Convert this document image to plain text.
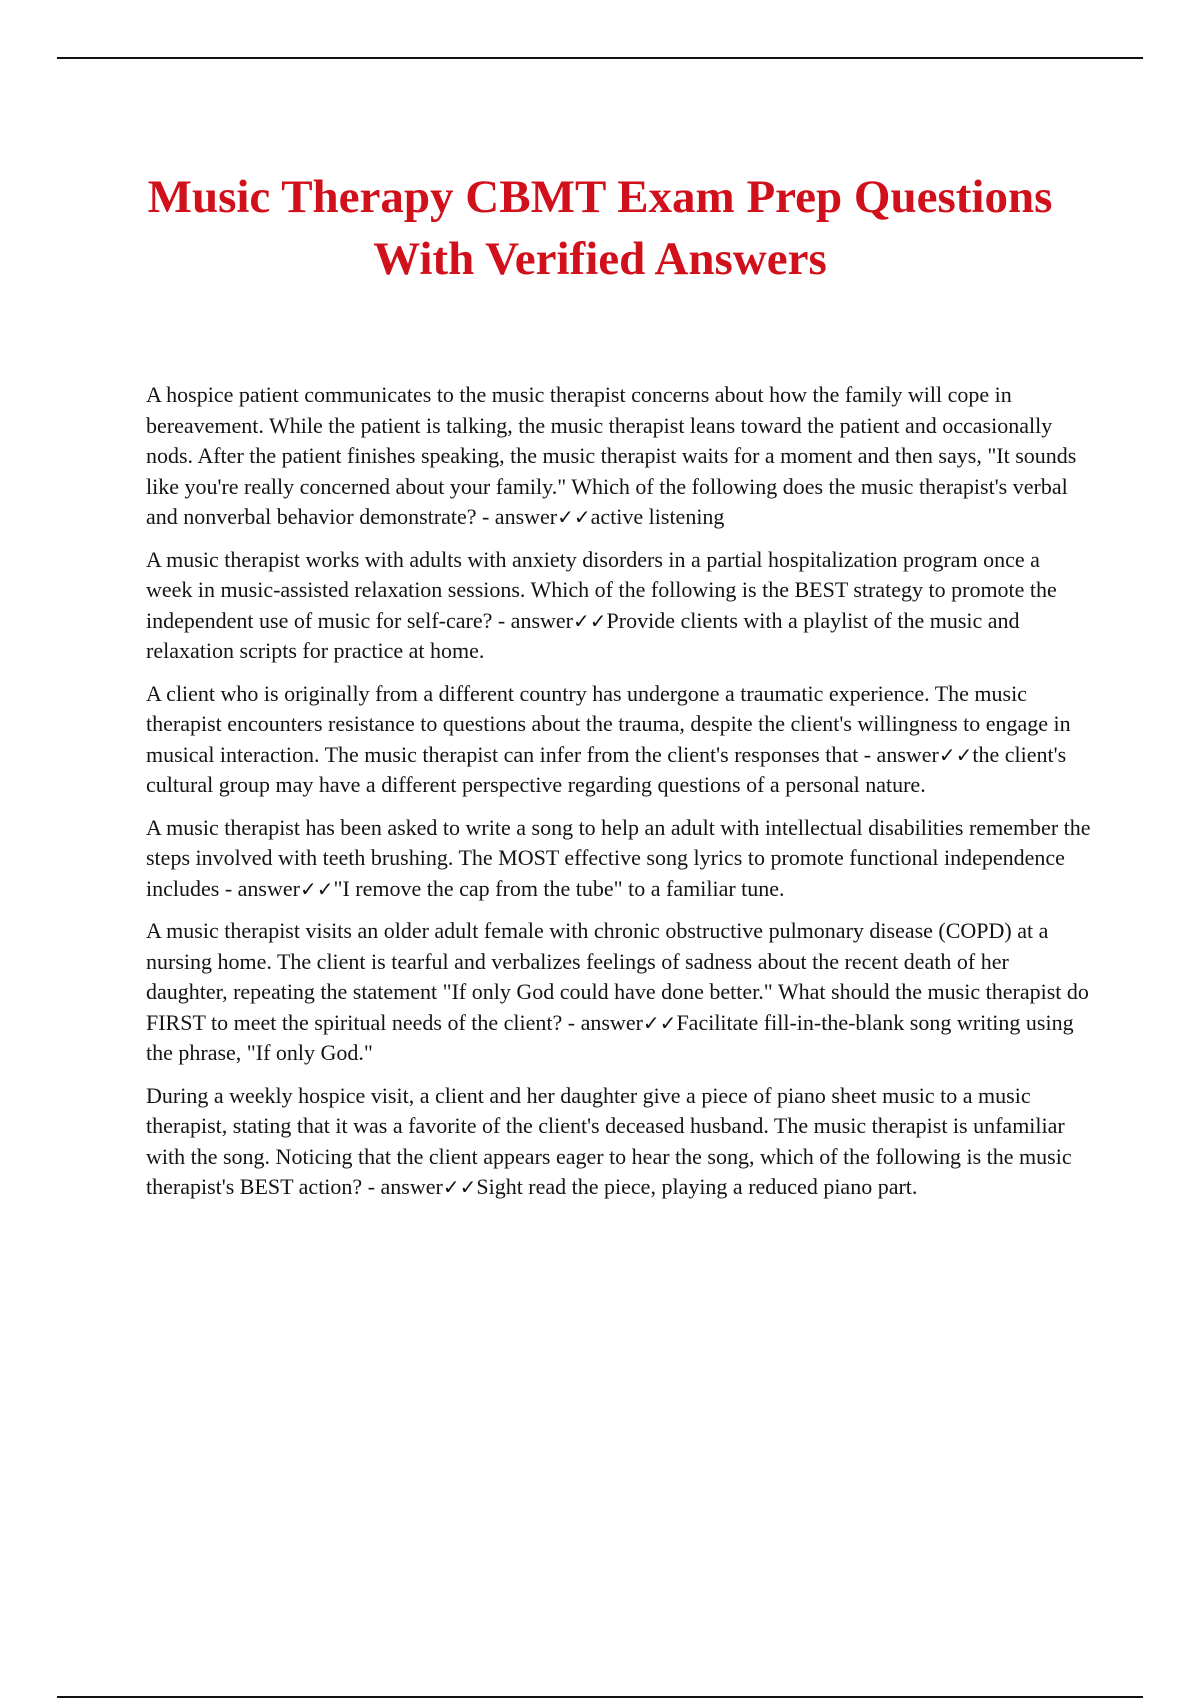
Music Therapy CBMT Exam Prep Questions With Verified Answers

A hospice patient communicates to the music therapist concerns about how the family will cope in bereavement. While the patient is talking, the music therapist leans toward the patient and occasionally nods. After the patient finishes speaking, the music therapist waits for a moment and then says, "It sounds like you're really concerned about your family." Which of the following does the music therapist's verbal and nonverbal behavior demonstrate? - answer✓✓active listening

A music therapist works with adults with anxiety disorders in a partial hospitalization program once a week in music-assisted relaxation sessions. Which of the following is the BEST strategy to promote the independent use of music for self-care? - answer✓✓Provide clients with a playlist of the music and relaxation scripts for practice at home.

A client who is originally from a different country has undergone a traumatic experience. The music therapist encounters resistance to questions about the trauma, despite the client's willingness to engage in musical interaction. The music therapist can infer from the client's responses that - answer✓✓the client's cultural group may have a different perspective regarding questions of a personal nature.

A music therapist has been asked to write a song to help an adult with intellectual disabilities remember the steps involved with teeth brushing. The MOST effective song lyrics to promote functional independence includes - answer✓✓"I remove the cap from the tube" to a familiar tune.

A music therapist visits an older adult female with chronic obstructive pulmonary disease (COPD) at a nursing home. The client is tearful and verbalizes feelings of sadness about the recent death of her daughter, repeating the statement "If only God could have done better." What should the music therapist do FIRST to meet the spiritual needs of the client? - answer✓✓Facilitate fill-in-the-blank song writing using the phrase, "If only God."

During a weekly hospice visit, a client and her daughter give a piece of piano sheet music to a music therapist, stating that it was a favorite of the client's deceased husband. The music therapist is unfamiliar with the song. Noticing that the client appears eager to hear the song, which of the following is the music therapist's BEST action? - answer✓✓Sight read the piece, playing a reduced piano part.
